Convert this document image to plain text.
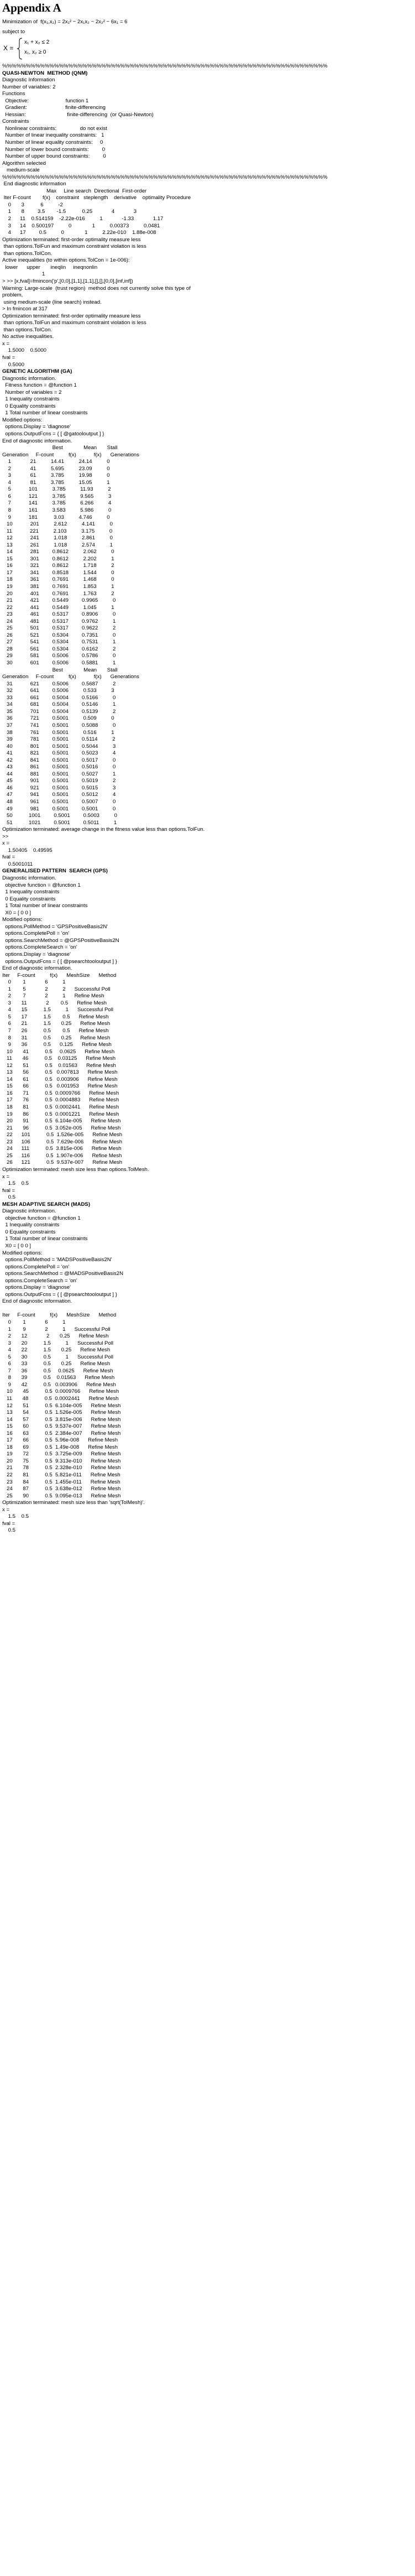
Appendix A
Minimization of  f(x₁,x₂) = 2x₁² − 2x₁x₂ − 2x₂² − 6x₁ = 6
subject to
X =
x₁ + x₂ ≤ 2
x₁, x₂ ≥ 0
%%%%%%%%%%%%%%%%%%%%%%%%%%%%%%%%%%%%%%%%%%%%%%%%%%%%%%%%%%%%%%%%%%%%%
QUASI-NEWTON  METHOD (QNM)
Diagnostic Information
Number of variables: 2
Functions
Objective:                         function 1
Gradient:                          finite-differencing
Hessian:                            finite-differencing  (or Quasi-Newton)
Constraints
Nonlinear constraints:                do not exist
Number of linear inequality constraints:   1
Number of linear equality constraints:     0
Number of lower bound constraints:         0
Number of upper bound constraints:         0
Algorithm selected
medium-scale
%%%%%%%%%%%%%%%%%%%%%%%%%%%%%%%%%%%%%%%%%%%%%%%%%%%%%%%%%%%%%%%%%%%%%
End diagnostic information
Max     Line search  Directional  First-order
Iter F-count        f(x)    constraint   steplength    derivative    optimality Procedure
0       3           6          -2
1       8         3.5        -1.5           0.25             4             3
2      11    0.514159    -2.22e-016          1             -1.33             1.17
3      14    0.500197          0              1          0.00373          0.0481
4      17         0.5          0              1          2.22e-010    1.88e-008
Optimization terminated: first-order optimality measure less
than options.TolFun and maximum constraint violation is less
than options.TolCon.
Active inequalities (to within options.TolCon = 1e-006):
lower      upper       ineqlin     ineqnonlin
1
> >> [x,fval]=fmincon('p',[0,0],[1,1],[1,1],[],[],[0,0],[inf,inf])
Warning: Large-scale  (trust region)  method does not currently solve this type of
problem,
using medium-scale (line search) instead.
> In fmincon at 317
Optimization terminated: first-order optimality measure less
than options.TolFun and maximum constraint violation is less
than options.TolCon.
No active inequalities.
x =
1.5000    0.5000
fval =
0.5000
GENETIC ALGORITHM (GA)
Diagnostic information.
Fitness function = @function 1
Number of variables = 2
1 Inequality constraints
0 Equality constraints
1 Total number of linear constraints
Modified options:
options.Display = 'diagnose'
options.OutputFcns = { [ @gatooloutput ] }
End of diagnostic information.
Best              Mean       Stall
Generation     F-count          f(x)            f(x)      Generations
1             21          14.41          24.14          0
2             41          5.695          23.09          0
3             61          3.785          19.98          0
4             81          3.785          15.05          1
5            101          3.785          11.93          2
6            121          3.785          9.565          3
7            141          3.785          6.266          4
8            161          3.583          5.986          0
9            181           3.03          4.746          0
10            201          2.612          4.141          0
11            221          2.103          3.175          0
12            241          1.018          2.861          0
13            261          1.018          2.574          1
14            281         0.8612          2.062          0
15            301         0.8612          2.202          1
16            321         0.8612          1.718          2
17            341         0.8518          1.544          0
18            361         0.7691          1.468          0
19            381         0.7691          1.853          1
20            401         0.7691          1.763          2
21            421         0.5449         0.9965          0
22            441         0.5449          1.045          1
23            461         0.5317         0.8906          0
24            481         0.5317         0.9762          1
25            501         0.5317         0.9622          2
26            521         0.5304         0.7351          0
27            541         0.5304         0.7531          1
28            561         0.5304         0.6162          2
29            581         0.5006         0.5786          0
30            601         0.5006         0.5881          1
Best              Mean       Stall
Generation     F-count          f(x)            f(x)      Generations
31            621         0.5006         0.5687          2
32            641         0.5006          0.533          3
33            661         0.5004         0.5166          0
34            681         0.5004         0.5146          1
35            701         0.5004         0.5139          2
36            721         0.5001          0.509          0
37            741         0.5001         0.5088          0
38            761         0.5001          0.516          1
39            781         0.5001         0.5114          2
40            801         0.5001         0.5044          3
41            821         0.5001         0.5023          4
42            841         0.5001         0.5017          0
43            861         0.5001         0.5016          0
44            881         0.5001         0.5027          1
45            901         0.5001         0.5019          2
46            921         0.5001         0.5015          3
47            941         0.5001         0.5012          4
48            961         0.5001         0.5007          0
49            981         0.5001         0.5001          0
50           1001         0.5001         0.5003          0
51           1021         0.5001         0.5011          1
Optimization terminated: average change in the fitness value less than options.TolFun.
>>
x =
1.50405    0.49595
fval =
0.5001011
GENERALISED PATTERN  SEARCH (GPS)
Diagnostic information.
objective function = @function 1
1 Inequality constraints
0 Equality constraints
1 Total number of linear constraints
X0 = [ 0 0 ]
Modified options:
options.PollMethod = 'GPSPositiveBasis2N'
options.CompletePoll = 'on'
options.SearchMethod = @GPSPositiveBasis2N
options.CompleteSearch = 'on'
options.Display = 'diagnose'
options.OutputFcns = { [ @psearchtooloutput ] }
End of diagnostic information.
Iter     F-count          f(x)      MeshSize      Method
0        1             6          1
1        5             2          2      Successful Poll
2        7             2          1      Refine Mesh
3       11             2        0.5      Refine Mesh
4       15           1.5          1      Successful Poll
5       17           1.5        0.5      Refine Mesh
6       21           1.5       0.25      Refine Mesh
7       26           0.5        0.5      Refine Mesh
8       31           0.5       0.25      Refine Mesh
9       36           0.5      0.125      Refine Mesh
10       41           0.5     0.0625      Refine Mesh
11       46           0.5    0.03125      Refine Mesh
12       51           0.5    0.01563      Refine Mesh
13       56           0.5   0.007813      Refine Mesh
14       61           0.5   0.003906      Refine Mesh
15       66           0.5   0.001953      Refine Mesh
16       71           0.5  0.0009766      Refine Mesh
17       76           0.5  0.0004883      Refine Mesh
18       81           0.5  0.0002441      Refine Mesh
19       86           0.5  0.0001221      Refine Mesh
20       91           0.5  6.104e-005      Refine Mesh
21       96           0.5  3.052e-005      Refine Mesh
22      101           0.5  1.526e-005      Refine Mesh
23      106           0.5  7.629e-006      Refine Mesh
24      111           0.5  3.815e-006      Refine Mesh
25      116           0.5  1.907e-006      Refine Mesh
26      121           0.5  9.537e-007      Refine Mesh
Optimization terminated: mesh size less than options.TolMesh.
x =
1.5    0.5
fval =
0.5
MESH ADAPTIVE SEARCH (MADS)
Diagnostic information.
objective function = @function 1
1 Inequality constraints
0 Equality constraints
1 Total number of linear constraints
X0 = [ 0 0 ]
Modified options:
options.PollMethod = 'MADSPositiveBasis2N'
options.CompletePoll = 'on'
options.SearchMethod = @MADSPositiveBasis2N
options.CompleteSearch = 'on'
options.Display = 'diagnose'
options.OutputFcns = { [ @psearchtooloutput ] }
End of diagnostic information.
Iter     F-count          f(x)      MeshSize      Method
0        1             6          1
1        9             2          1      Successful Poll
2       12             2       0.25      Refine Mesh
3       20           1.5          1      Successful Poll
4       22           1.5       0.25      Refine Mesh
5       30           0.5          1      Successful Poll
6       33           0.5       0.25      Refine Mesh
7       36           0.5     0.0625      Refine Mesh
8       39           0.5    0.01563      Refine Mesh
9       42           0.5   0.003906      Refine Mesh
10       45           0.5  0.0009766      Refine Mesh
11       48           0.5  0.0002441      Refine Mesh
12       51           0.5  6.104e-005      Refine Mesh
13       54           0.5  1.526e-005      Refine Mesh
14       57           0.5  3.815e-006      Refine Mesh
15       60           0.5  9.537e-007      Refine Mesh
16       63           0.5  2.384e-007      Refine Mesh
17       66           0.5  5.96e-008      Refine Mesh
18       69           0.5  1.49e-008      Refine Mesh
19       72           0.5  3.725e-009      Refine Mesh
20       75           0.5  9.313e-010      Refine Mesh
21       78           0.5  2.328e-010      Refine Mesh
22       81           0.5  5.821e-011      Refine Mesh
23       84           0.5  1.455e-011      Refine Mesh
24       87           0.5  3.638e-012      Refine Mesh
25       90           0.5  9.095e-013      Refine Mesh
Optimization terminated: mesh size less than 'sqrt(TolMesh)'.
x =
1.5    0.5
fval =
0.5
